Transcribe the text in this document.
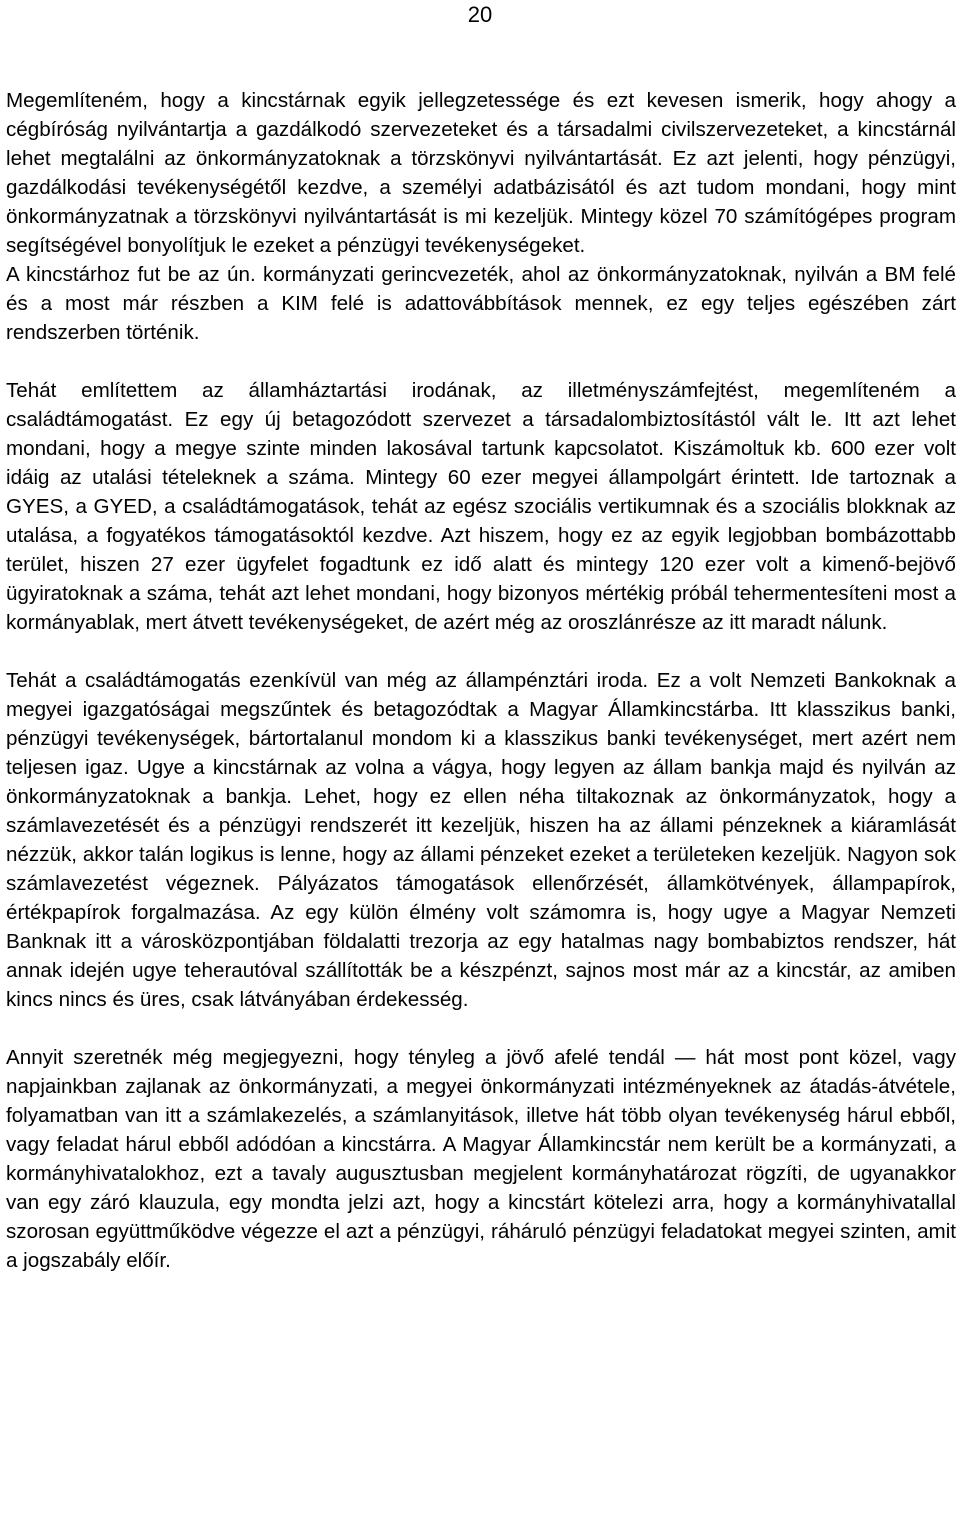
20

Megemlíteném, hogy a kincstárnak egyik jellegzetessége és ezt kevesen ismerik, hogy ahogy a cégbíróság nyilvántartja a gazdálkodó szervezeteket és a társadalmi civilszervezeteket, a kincstárnál lehet megtalálni az önkormányzatoknak a törzskönyvi nyilvántartását. Ez azt jelenti, hogy pénzügyi, gazdálkodási tevékenységétől kezdve, a személyi adatbázisától és azt tudom mondani, hogy mint önkormányzatnak a törzskönyvi nyilvántartását is mi kezeljük. Mintegy közel 70 számítógépes program segítségével bonyolítjuk le ezeket a pénzügyi tevékenységeket.

A kincstárhoz fut be az ún. kormányzati gerincvezeték, ahol az önkormányzatoknak, nyilván a BM felé és a most már részben a KIM felé is adattovábbítások mennek, ez egy teljes egészében zárt rendszerben történik.

Tehát említettem az államháztartási irodának, az illetményszámfejtést, megemlíteném a családtámogatást. Ez egy új betagozódott szervezet a társadalombiztosítástól vált le. Itt azt lehet mondani, hogy a megye szinte minden lakosával tartunk kapcsolatot. Kiszámoltuk kb. 600 ezer volt idáig az utalási tételeknek a száma. Mintegy 60 ezer megyei állampolgárt érintett. Ide tartoznak a GYES, a GYED, a családtámogatások, tehát az egész szociális vertikumnak és a szociális blokknak az utalása, a fogyatékos támogatásoktól kezdve. Azt hiszem, hogy ez az egyik legjobban bombázottabb terület, hiszen 27 ezer ügyfelet fogadtunk ez idő alatt és mintegy 120 ezer volt a kimenő-bejövő ügyiratoknak a száma, tehát azt lehet mondani, hogy bizonyos mértékig próbál tehermentesíteni most a kormányablak, mert átvett tevékenységeket, de azért még az oroszlánrésze az itt maradt nálunk.

Tehát a családtámogatás ezenkívül van még az állampénztári iroda. Ez a volt Nemzeti Bankoknak a megyei igazgatóságai megszűntek és betagozódtak a Magyar Államkincstárba. Itt klasszikus banki, pénzügyi tevékenységek, bártortalanul mondom ki a klasszikus banki tevékenységet, mert azért nem teljesen igaz. Ugye a kincstárnak az volna a vágya, hogy legyen az állam bankja majd és nyilván az önkormányzatoknak a bankja. Lehet, hogy ez ellen néha tiltakoznak az önkormányzatok, hogy a számlavezetését és a pénzügyi rendszerét itt kezeljük, hiszen ha az állami pénzeknek a kiáramlását nézzük, akkor talán logikus is lenne, hogy az állami pénzeket ezeket a területeken kezeljük. Nagyon sok számlavezetést végeznek. Pályázatos támogatások ellenőrzését, államkötvények, állampapírok, értékpapírok forgalmazása. Az egy külön élmény volt számomra is, hogy ugye a Magyar Nemzeti Banknak itt a városközpontjában földalatti trezorja az egy hatalmas nagy bombabiztos rendszer, hát annak idején ugye teherautóval szállították be a készpénzt, sajnos most már az a kincstár, az amiben kincs nincs és üres, csak látványában érdekesség.

Annyit szeretnék még megjegyezni, hogy tényleg a jövő afelé tendál — hát most pont közel, vagy napjainkban zajlanak az önkormányzati, a megyei önkormányzati intézményeknek az átadás-átvétele, folyamatban van itt a számlakezelés, a számlanyitások, illetve hát több olyan tevékenység hárul ebből, vagy feladat hárul ebből adódóan a kincstárra. A Magyar Államkincstár nem került be a kormányzati, a kormányhivatalokhoz, ezt a tavaly augusztusban megjelent kormányhatározat rögzíti, de ugyanakkor van egy záró klauzula, egy mondta jelzi azt, hogy a kincstárt kötelezi arra, hogy a kormányhivatallal szorosan együttműködve végezze el azt a pénzügyi, ráháruló pénzügyi feladatokat megyei szinten, amit a jogszabály előír.
